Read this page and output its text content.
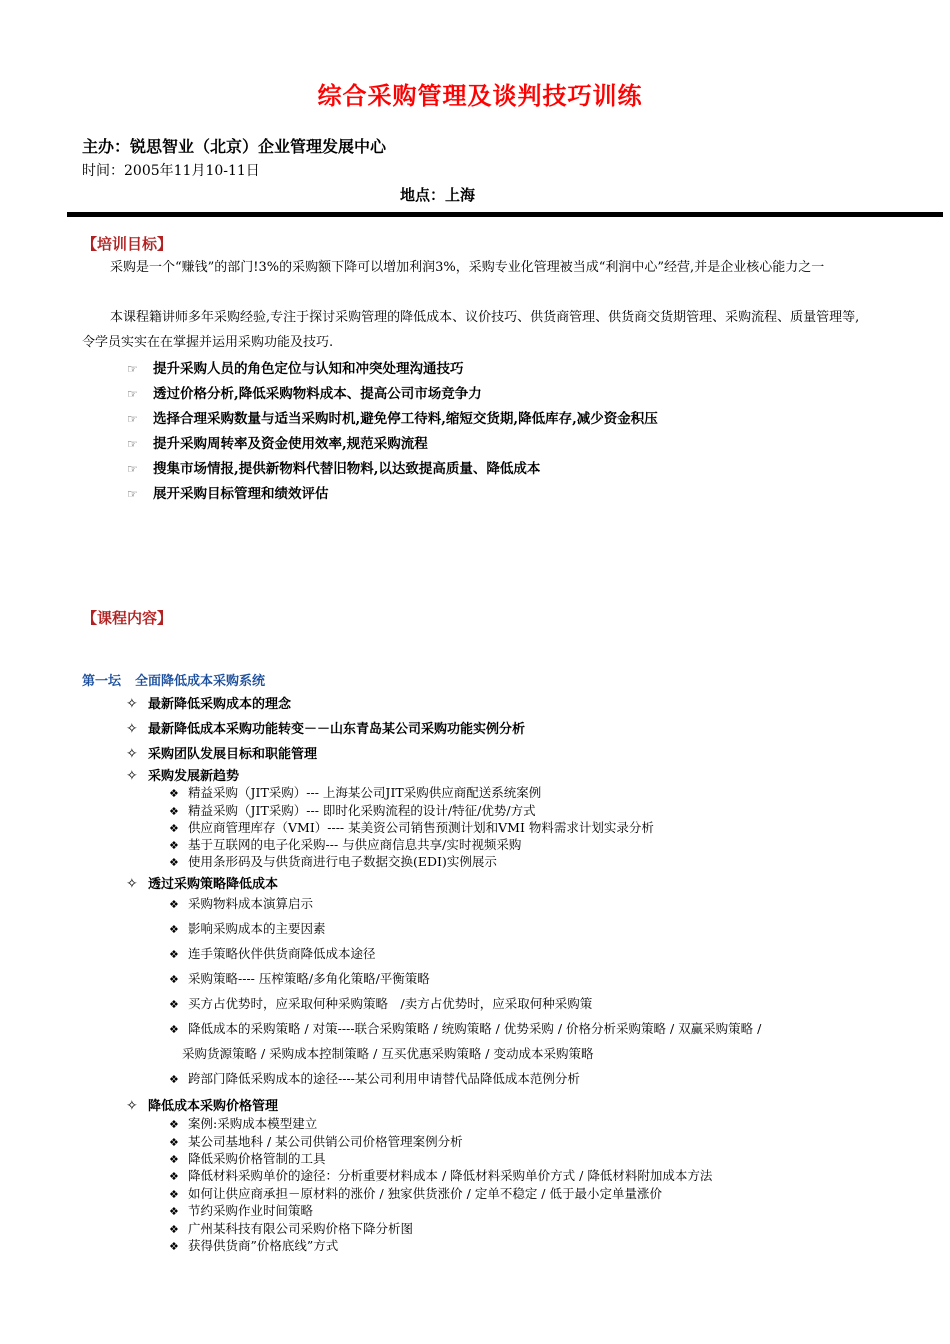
综合采购管理及谈判技巧训练
主办：锐思智业（北京）企业管理发展中心
时间：2005年11月10-11日
地点：上海
【培训目标】
采购是一个“赚钱”的部门!3%的采购额下降可以增加利润3%，采购专业化管理被当成“利润中心”经营,并是企业核心能力之一
本课程籍讲师多年采购经验,专注于探讨采购管理的降低成本、议价技巧、供货商管理、供货商交货期管理、采购流程、质量管理等,令学员实实在在掌握并运用采购功能及技巧.
☞ 提升采购人员的角色定位与认知和冲突处理沟通技巧
☞ 透过价格分析,降低采购物料成本、提高公司市场竞争力
☞ 选择合理采购数量与适当采购时机,避免停工待料,缩短交货期,降低库存,减少资金积压
☞ 提升采购周转率及资金使用效率,规范采购流程
☞ 搜集市场情报,提供新物料代替旧物料,以达致提高质量、降低成本
☞ 展开采购目标管理和绩效评估
【课程内容】
第一坛 全面降低成本采购系统
✧ 最新降低采购成本的理念
✧ 最新降低成本采购功能转变－－山东青岛某公司采购功能实例分析
✧ 采购团队发展目标和职能管理
✧ 采购发展新趋势
❖ 精益采购（JIT采购）--- 上海某公司JIT采购供应商配送系统案例
❖ 精益采购（JIT采购）--- 即时化采购流程的设计/特征/优势/方式
❖ 供应商管理库存（VMI）---- 某美资公司销售预测计划和VMI 物料需求计划实录分析
❖ 基于互联网的电子化采购--- 与供应商信息共享/实时视频采购
❖ 使用条形码及与供货商进行电子数据交换(EDI)实例展示
✧ 透过采购策略降低成本
❖ 采购物料成本演算启示
❖ 影响采购成本的主要因素
❖ 连手策略伙伴供货商降低成本途径
❖ 采购策略---- 压榨策略/多角化策略/平衡策略
❖ 买方占优势时，应采取何种采购策略　/卖方占优势时，应采取何种采购策
❖ 降低成本的采购策略 / 对策----联合采购策略 / 统购策略 / 优势采购 / 价格分析采购策略 / 双赢采购策略 /
采购货源策略 / 采购成本控制策略 / 互买优惠采购策略 / 变动成本采购策略
❖ 跨部门降低采购成本的途径----某公司利用申请替代品降低成本范例分析
✧ 降低成本采购价格管理
❖ 案例:采购成本模型建立
❖ 某公司基地科 / 某公司供销公司价格管理案例分析
❖ 降低采购价格管制的工具
❖ 降低材料采购单价的途径：分析重要材料成本 / 降低材料采购单价方式 / 降低材料附加成本方法
❖ 如何让供应商承担－原材料的涨价 / 独家供货涨价 / 定单不稳定 / 低于最小定单量涨价
❖ 节约采购作业时间策略
❖ 广州某科技有限公司采购价格下降分析图
❖ 获得供货商”价格底线”方式
